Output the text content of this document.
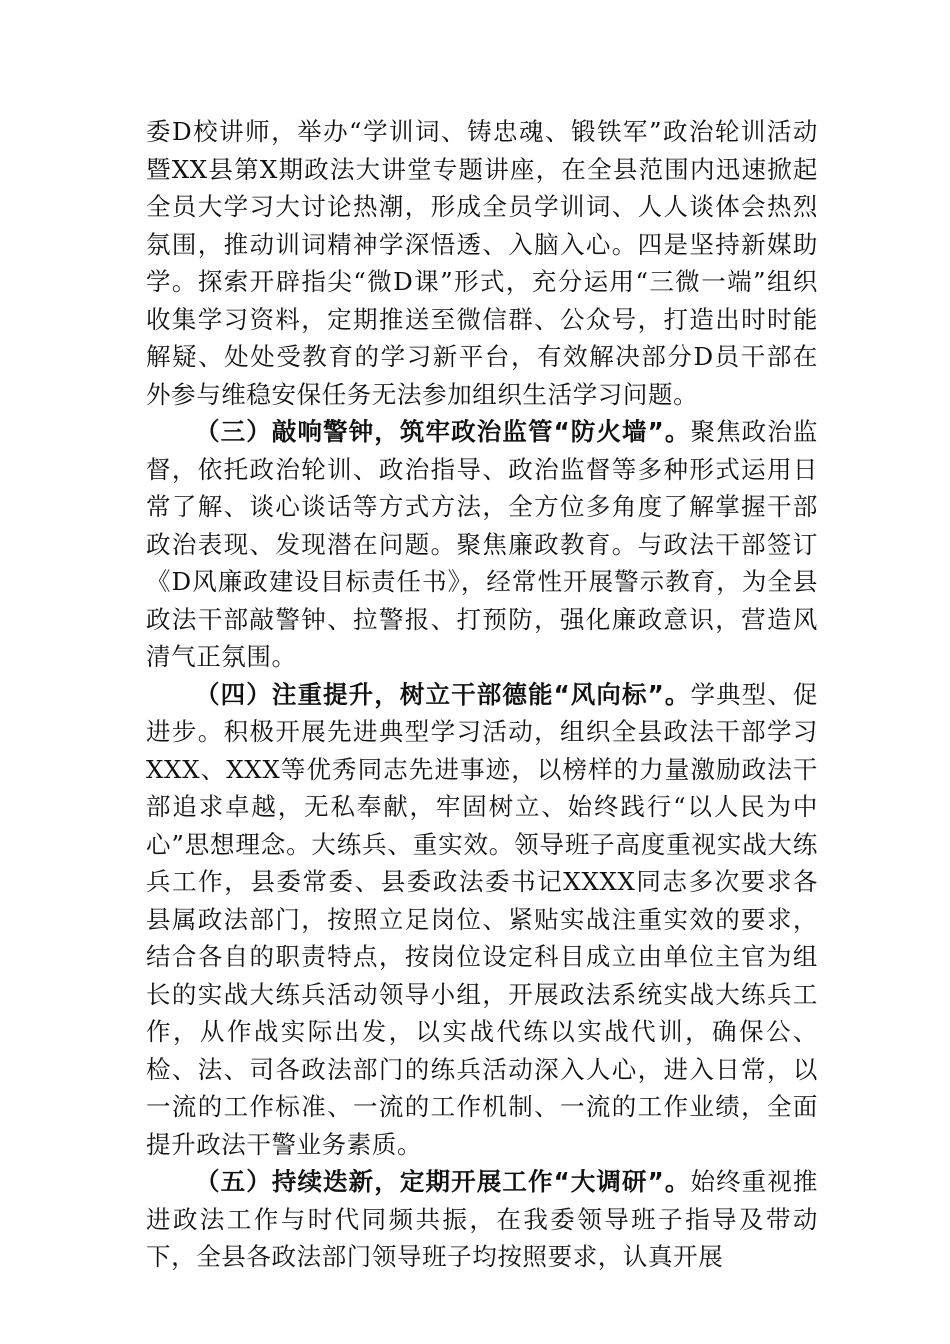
委D校讲师，举办“学训词、铸忠魂、锻铁军”政治轮训活动暨XX县第X期政法大讲堂专题讲座，在全县范围内迅速掀起全员大学习大讨论热潮，形成全员学训词、人人谈体会热烈氛围，推动训词精神学深悟透、入脑入心。四是坚持新媒助学。探索开辟指尖“微D课”形式，充分运用“三微一端”组织收集学习资料，定期推送至微信群、公众号，打造出时时能解疑、处处受教育的学习新平台，有效解决部分D员干部在外参与维稳安保任务无法参加组织生活学习问题。

（三）敲响警钟，筑牢政治监管“防火墙”。聚焦政治监督，依托政治轮训、政治指导、政治监督等多种形式运用日常了解、谈心谈话等方式方法，全方位多角度了解掌握干部政治表现、发现潜在问题。聚焦廉政教育。与政法干部签订《D风廉政建设目标责任书》，经常性开展警示教育，为全县政法干部敲警钟、拉警报、打预防，强化廉政意识，营造风清气正氛围。

（四）注重提升，树立干部德能“风向标”。学典型、促进步。积极开展先进典型学习活动，组织全县政法干部学习XXX、XXX等优秀同志先进事迹，以榜样的力量激励政法干部追求卓越，无私奉献，牢固树立、始终践行“以人民为中心”思想理念。大练兵、重实效。领导班子高度重视实战大练兵工作，县委常委、县委政法委书记XXXX同志多次要求各县属政法部门，按照立足岗位、紧贴实战注重实效的要求，结合各自的职责特点，按岗位设定科目成立由单位主官为组长的实战大练兵活动领导小组，开展政法系统实战大练兵工作，从作战实际出发，以实战代练以实战代训，确保公、检、法、司各政法部门的练兵活动深入人心，进入日常，以一流的工作标准、一流的工作机制、一流的工作业绩，全面提升政法干警业务素质。

（五）持续迭新，定期开展工作“大调研”。始终重视推进政法工作与时代同频共振，在我委领导班子指导及带动下，全县各政法部门领导班子均按照要求，认真开展
